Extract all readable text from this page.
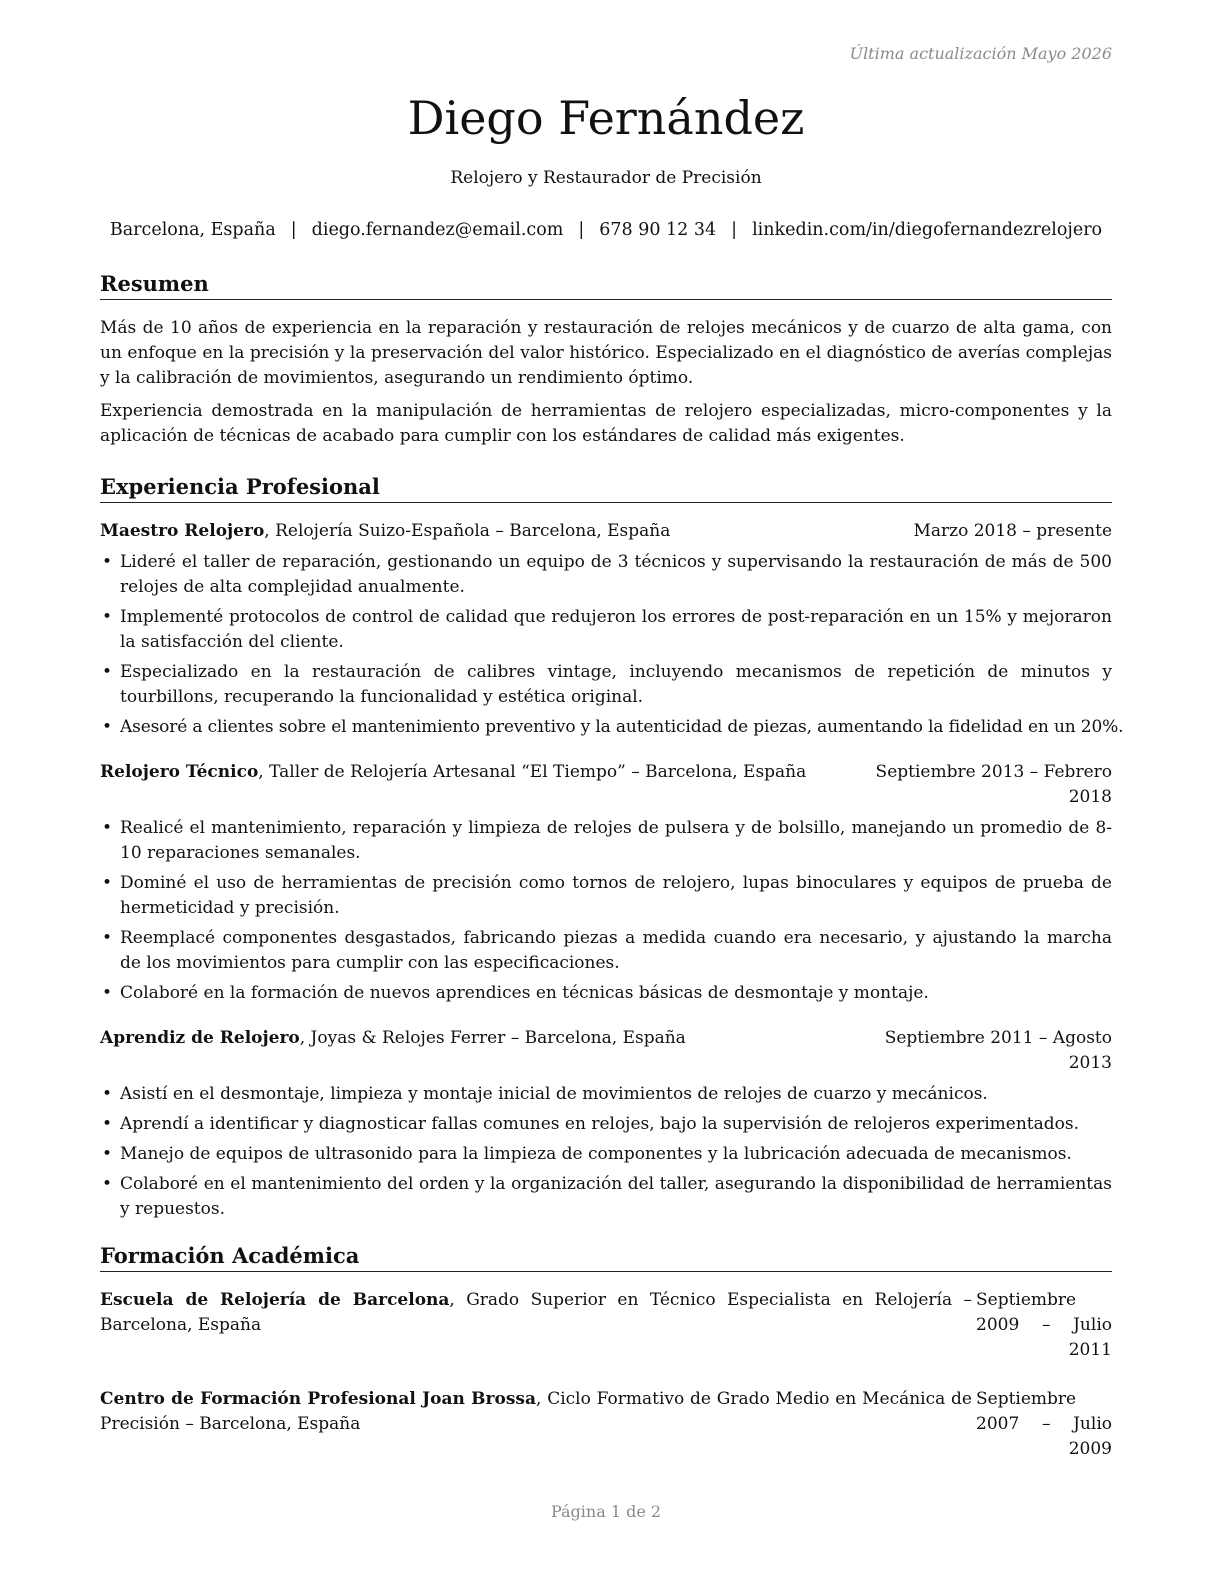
Última actualización Mayo 2026
Diego Fernández
Relojero y Restaurador de Precisión
Barcelona, España | diego.fernandez@email.com | 678 90 12 34 | linkedin.com/in/diegofernandezrelojero
Resumen

Más de 10 años de experiencia en la reparación y restauración de relojes mecánicos y de cuarzo de alta gama, con un enfoque en la precisión y la preservación del valor histórico. Especializado en el diagnóstico de averías complejas y la calibración de movimientos, asegurando un rendimiento óptimo.

Experiencia demostrada en la manipulación de herramientas de relojero especializadas, micro-componentes y la aplicación de técnicas de acabado para cumplir con los estándares de calidad más exigentes.

Experiencia Profesional
Maestro Relojero, Relojería Suizo-Española – Barcelona, España	Marzo 2018 – presente
• Lideré el taller de reparación, gestionando un equipo de 3 técnicos y supervisando la restauración de más de 500 relojes de alta complejidad anualmente.
• Implementé protocolos de control de calidad que redujeron los errores de post-reparación en un 15% y mejoraron la satisfacción del cliente.
• Especializado en la restauración de calibres vintage, incluyendo mecanismos de repetición de minutos y tourbillons, recuperando la funcionalidad y estética original.
• Asesoré a clientes sobre el mantenimiento preventivo y la autenticidad de piezas, aumentando la fidelidad en un 20%.
Relojero Técnico, Taller de Relojería Artesanal “El Tiempo” – Barcelona, España	Septiembre 2013 – Febrero 2018
• Realicé el mantenimiento, reparación y limpieza de relojes de pulsera y de bolsillo, manejando un promedio de 8-10 reparaciones semanales.
• Dominé el uso de herramientas de precisión como tornos de relojero, lupas binoculares y equipos de prueba de hermeticidad y precisión.
• Reemplacé componentes desgastados, fabricando piezas a medida cuando era necesario, y ajustando la marcha de los movimientos para cumplir con las especificaciones.
• Colaboré en la formación de nuevos aprendices en técnicas básicas de desmontaje y montaje.
Aprendiz de Relojero, Joyas & Relojes Ferrer – Barcelona, España	Septiembre 2011 – Agosto 2013
• Asistí en el desmontaje, limpieza y montaje inicial de movimientos de relojes de cuarzo y mecánicos.
• Aprendí a identificar y diagnosticar fallas comunes en relojes, bajo la supervisión de relojeros experimentados.
• Manejo de equipos de ultrasonido para la limpieza de componentes y la lubricación adecuada de mecanismos.
• Colaboré en el mantenimiento del orden y la organización del taller, asegurando la disponibilidad de herramientas y repuestos.
Formación Académica
Escuela de Relojería de Barcelona, Grado Superior en Técnico Especialista en Relojería – Barcelona, España
Septiembre 2009 – Julio 2011
Centro de Formación Profesional Joan Brossa, Ciclo Formativo de Grado Medio en Mecánica de Precisión – Barcelona, España
Septiembre 2007 – Julio 2009
Página 1 de 2
